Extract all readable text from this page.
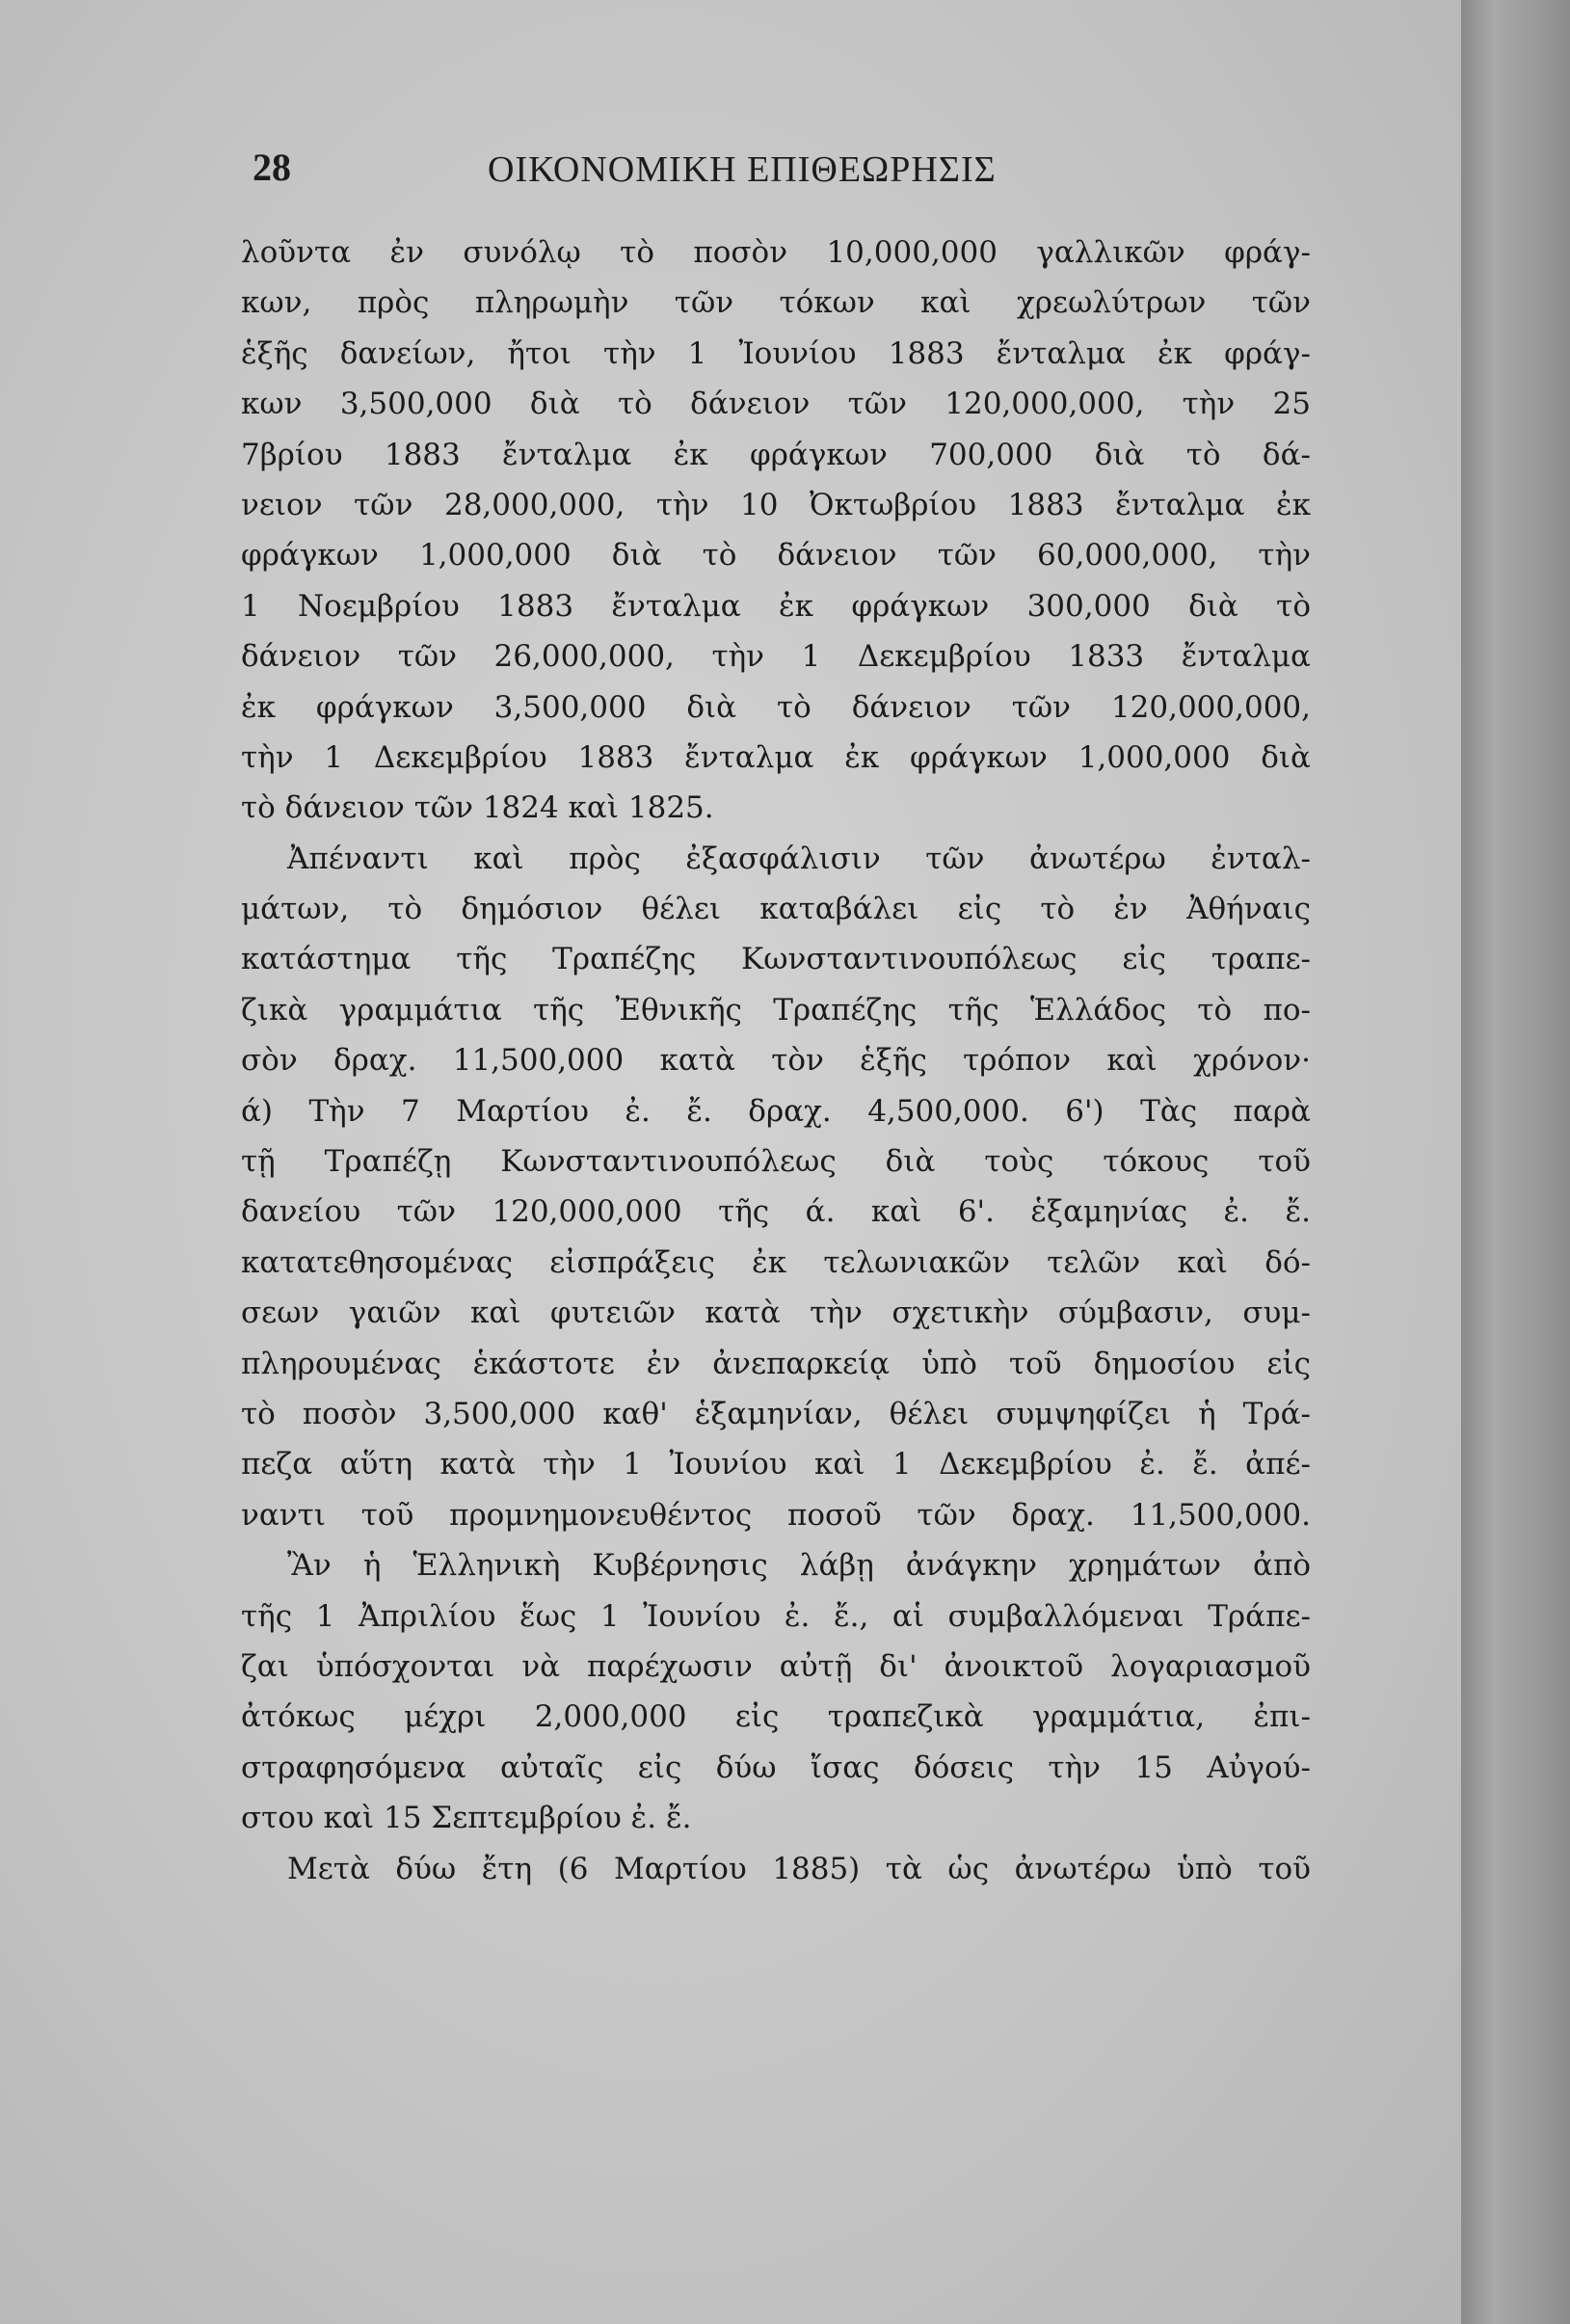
28	ΟΙΚΟΝΟΜΙΚΗ ΕΠΙΘΕΩΡΗΣΙΣ
λοῦντα ἐν συνόλῳ τὸ ποσὸν 10,000,000 γαλλικῶν φράγ-
κων, πρὸς πληρωμὴν τῶν τόκων καὶ χρεωλύτρων τῶν
ἑξῆς δανείων, ἤτοι τὴν 1 Ἰουνίου 1883 ἔνταλμα ἐκ φράγ-
κων 3,500,000 διὰ τὸ δάνειον τῶν 120,000,000, τὴν 25
7βρίου 1883 ἔνταλμα ἐκ φράγκων 700,000 διὰ τὸ δά-
νειον τῶν 28,000,000, τὴν 10 Ὀκτωβρίου 1883 ἔνταλμα ἐκ
φράγκων 1,000,000 διὰ τὸ δάνειον τῶν 60,000,000, τὴν
1 Νοεμβρίου 1883 ἔνταλμα ἐκ φράγκων 300,000 διὰ τὸ
δάνειον τῶν 26,000,000, τὴν 1 Δεκεμβρίου 1833 ἔνταλμα
ἐκ φράγκων 3,500,000 διὰ τὸ δάνειον τῶν 120,000,000,
τὴν 1 Δεκεμβρίου 1883 ἔνταλμα ἐκ φράγκων 1,000,000 διὰ
τὸ δάνειον τῶν 1824 καὶ 1825.
Ἀπέναντι καὶ πρὸς ἐξασφάλισιν τῶν ἀνωτέρω ἐνταλ-
μάτων, τὸ δημόσιον θέλει καταβάλει εἰς τὸ ἐν Ἀθήναις
κατάστημα τῆς Τραπέζης Κωνσταντινουπόλεως εἰς τραπε-
ζικὰ γραμμάτια τῆς Ἐθνικῆς Τραπέζης τῆς Ἑλλάδος τὸ πο-
σὸν δραχ. 11,500,000 κατὰ τὸν ἑξῆς τρόπον καὶ χρόνον·
ά) Τὴν 7 Μαρτίου ἐ. ἔ. δραχ. 4,500,000. 6') Τὰς παρὰ
τῇ Τραπέζῃ Κωνσταντινουπόλεως διὰ τοὺς τόκους τοῦ
δανείου τῶν 120,000,000 τῆς ά. καὶ 6'. ἑξαμηνίας ἐ. ἔ.
κατατεθησομένας εἰσπράξεις ἐκ τελωνιακῶν τελῶν καὶ δό-
σεων γαιῶν καὶ φυτειῶν κατὰ τὴν σχετικὴν σύμβασιν, συμ-
πληρουμένας ἑκάστοτε ἐν ἀνεπαρκείᾳ ὑπὸ τοῦ δημοσίου εἰς
τὸ ποσὸν 3,500,000 καθ' ἑξαμηνίαν, θέλει συμψηφίζει ἡ Τρά-
πεζα αὕτη κατὰ τὴν 1 Ἰουνίου καὶ 1 Δεκεμβρίου ἐ. ἔ. ἀπέ-
ναντι τοῦ προμνημονευθέντος ποσοῦ τῶν δραχ. 11,500,000.
Ἂν ἡ Ἑλληνικὴ Κυβέρνησις λάβῃ ἀνάγκην χρημάτων ἀπὸ
τῆς 1 Ἀπριλίου ἕως 1 Ἰουνίου ἐ. ἔ., αἱ συμβαλλόμεναι Τράπε-
ζαι ὑπόσχονται νὰ παρέχωσιν αὐτῇ δι' ἀνοικτοῦ λογαριασμοῦ
ἀτόκως μέχρι 2,000,000 εἰς τραπεζικὰ γραμμάτια, ἐπι-
στραφησόμενα αὐταῖς εἰς δύω ἴσας δόσεις τὴν 15 Αὐγού-
στου καὶ 15 Σεπτεμβρίου ἐ. ἔ.
Μετὰ δύω ἔτη (6 Μαρτίου 1885) τὰ ὡς ἀνωτέρω ὑπὸ τοῦ
